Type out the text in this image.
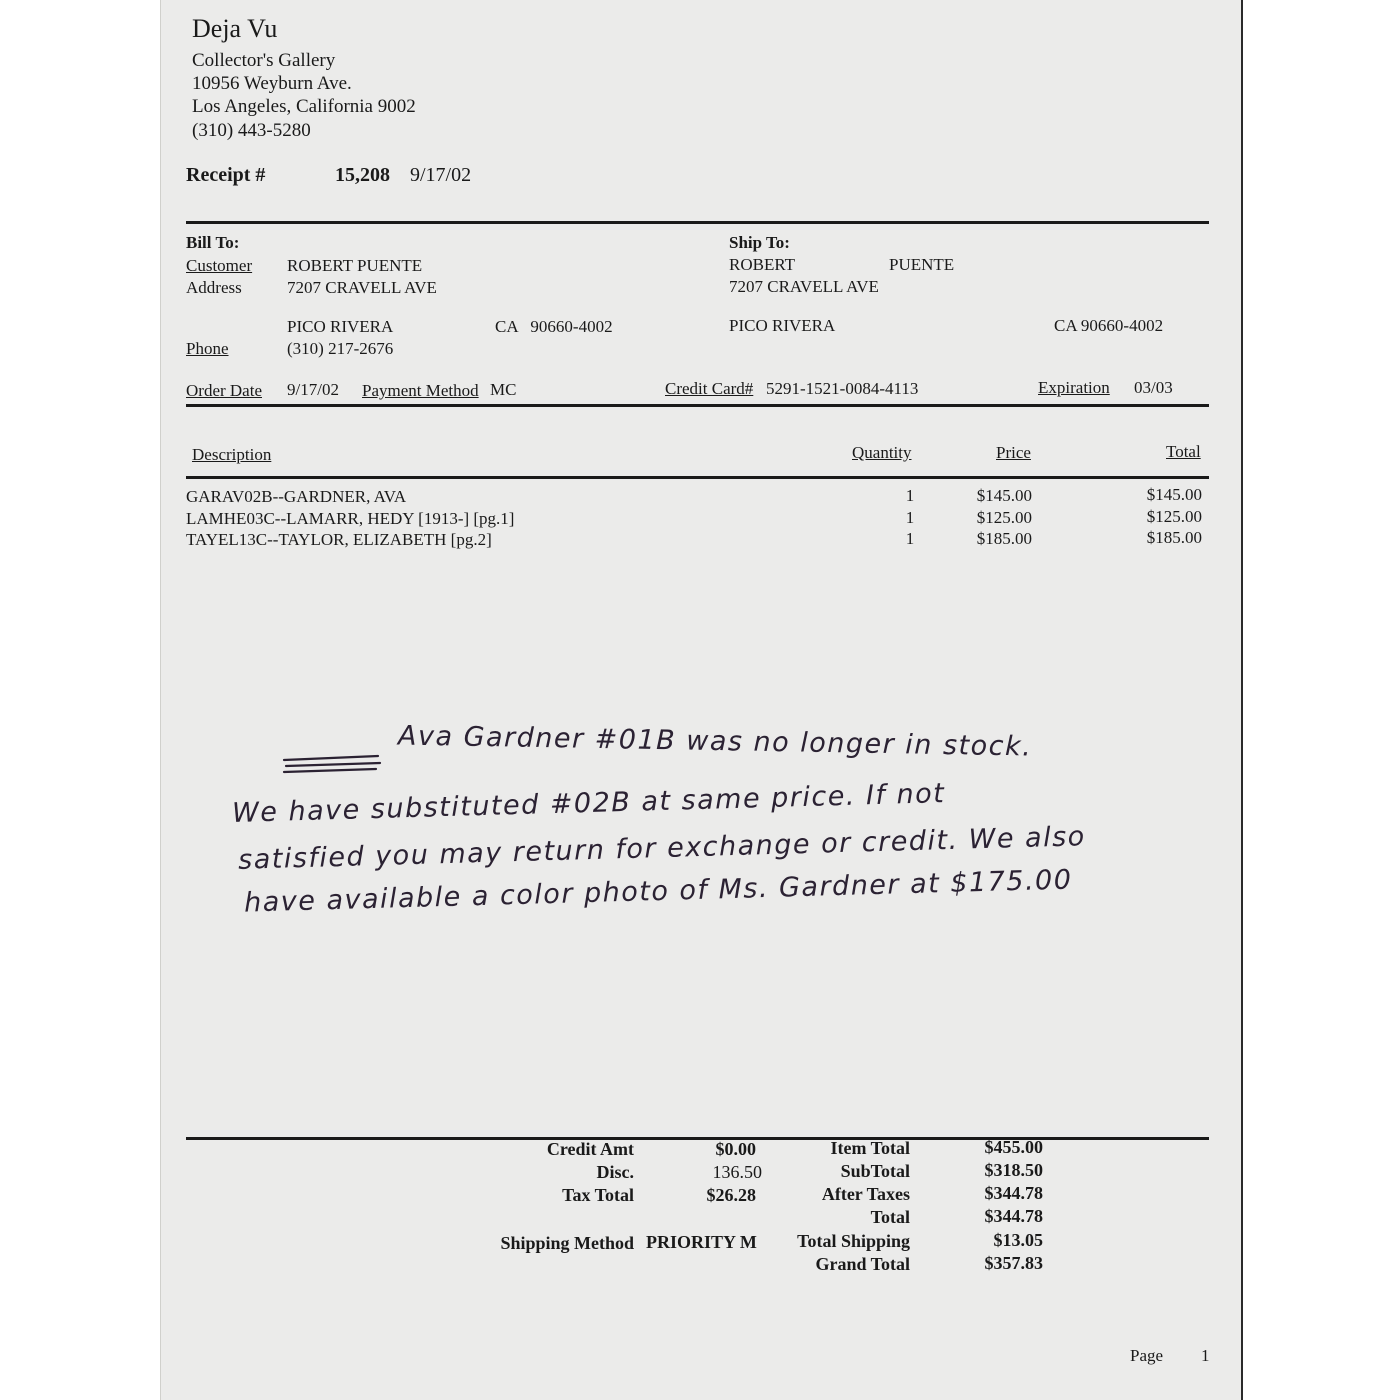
Deja Vu
Collector's Gallery
10956 Weyburn Ave.
Los Angeles, California 9002
(310) 443-5280
Receipt #	15,208 9/17/02
Bill To:
Customer ROBERT PUENTE
Address	7207 CRAVELL AVE
PICO RIVERA	CA   90660-4002
Phone	(310) 217-2676
Ship To:
ROBERT	PUENTE
7207 CRAVELL AVE
PICO RIVERA	CA 90660-4002
Order Date 9/17/02 Payment Method MC	Credit Card# 5291-1521-0084-4113	Expiration 03/03
Description	Quantity	Price	Total
GARAV02B--GARDNER, AVA	1	$145.00	$145.00
LAMHE03C--LAMARR, HEDY [1913-] [pg.1]	1	$125.00	$125.00
TAYEL13C--TAYLOR, ELIZABETH [pg.2]	1	$185.00	$185.00
Ava Gardner #01B was no longer in stock.
We have substituted #02B at same price. If not
satisfied you may return for exchange or credit. We also
have available a color photo of Ms. Gardner at $175.00
Credit Amt	$0.00
Disc.	136.50
Tax Total	$26.28
Shipping Method PRIORITY M
Item Total	$455.00
SubTotal	$318.50
After Taxes	$344.78
Total	$344.78
Total Shipping	$13.05
Grand Total	$357.83
Page 1
